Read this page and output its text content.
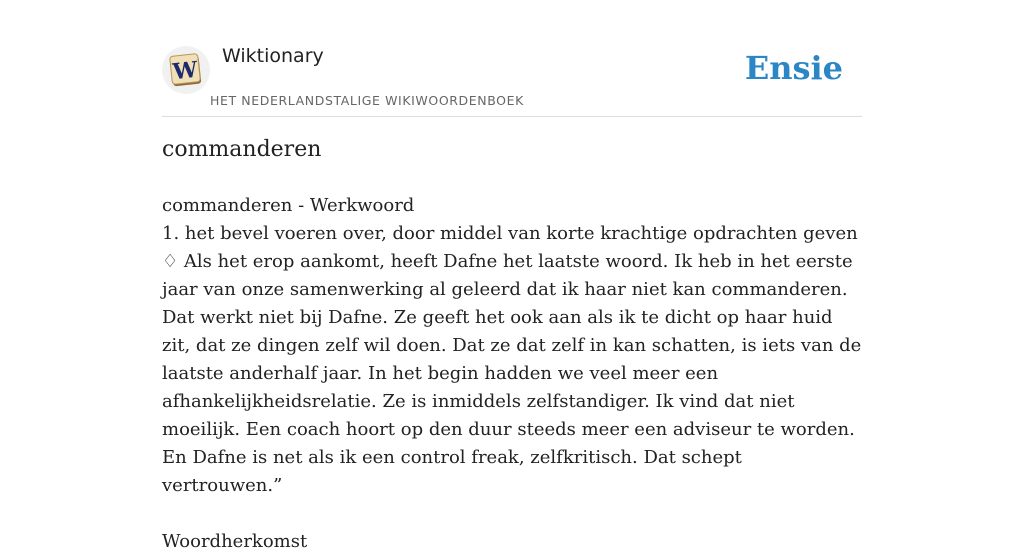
W
Wiktionary
HET NEDERLANDSTALIGE WIKIWOORDENBOEK
Ensie
commanderen

commanderen - Werkwoord

1. het bevel voeren over, door middel van korte krachtige opdrachten geven

♢ Als het erop aankomt, heeft Dafne het laatste woord. Ik heb in het eerste jaar van onze samenwerking al geleerd dat ik haar niet kan commanderen. Dat werkt niet bij Dafne. Ze geeft het ook aan als ik te dicht op haar huid zit, dat ze dingen zelf wil doen. Dat ze dat zelf in kan schatten, is iets van de laatste anderhalf jaar. In het begin hadden we veel meer een afhankelijkheidsrelatie. Ze is inmiddels zelfstandiger. Ik vind dat niet moeilijk. Een coach hoort op den duur steeds meer een adviseur te worden. En Dafne is net als ik een control freak, zelfkritisch. Dat schept vertrouwen.”

Woordherkomst
